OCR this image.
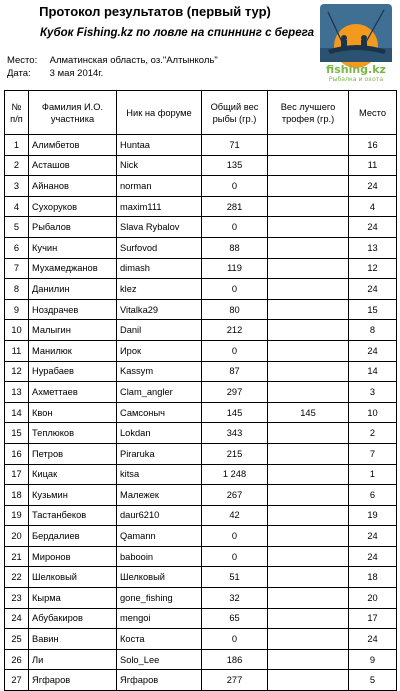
Протокол результатов (первый тур)
Кубок Fishing.kz по ловле на спиннинг с берега
Место: Алматинская область, оз."Алтынколь"
Дата: 3 мая 2014г.	fishing.kz
Рыбалка и охота
№ п/п	Фамилия И.О. участника	Ник на форуме	Общий вес рыбы (гр.)	Вес лучшего трофея (гр.)	Место
1	Алимбетов	Huntaa	71		16
2	Асташов	Nick	135		11
3	Айнанов	norman	0		24
4	Сухоруков	maxim111	281		4
5	Рыбалов	Slava Rybalov	0		24
6	Кучин	Surfovod	88		13
7	Мухамеджанов	dimash	119		12
8	Данилин	klez	0		24
9	Ноздрачев	Vitalka29	80		15
10	Малыгин	Danil	212		8
11	Манилюк	Ирок	0		24
12	Нурабаев	Kassym	87		14
13	Ахметтаев	Clam_angler	297		3
14	Квон	Самсоныч	145	145	10
15	Теплюков	Lokdan	343		2
16	Петров	Piraruka	215		7
17	Кицак	kitsa	1 248		1
18	Кузьмин	Малежек	267		6
19	Тастанбеков	daur6210	42		19
20	Бердалиев	Qamann	0		24
21	Миронов	baboоin	0		24
22	Шелковый	Шелковый	51		18
23	Кырма	gone_fishing	32		20
24	Абубакиров	mengoi	65		17
25	Вавин	Коста	0		24
26	Ли	Solo_Lee	186		9
27	Ягфаров	Ягфаров	277		5
